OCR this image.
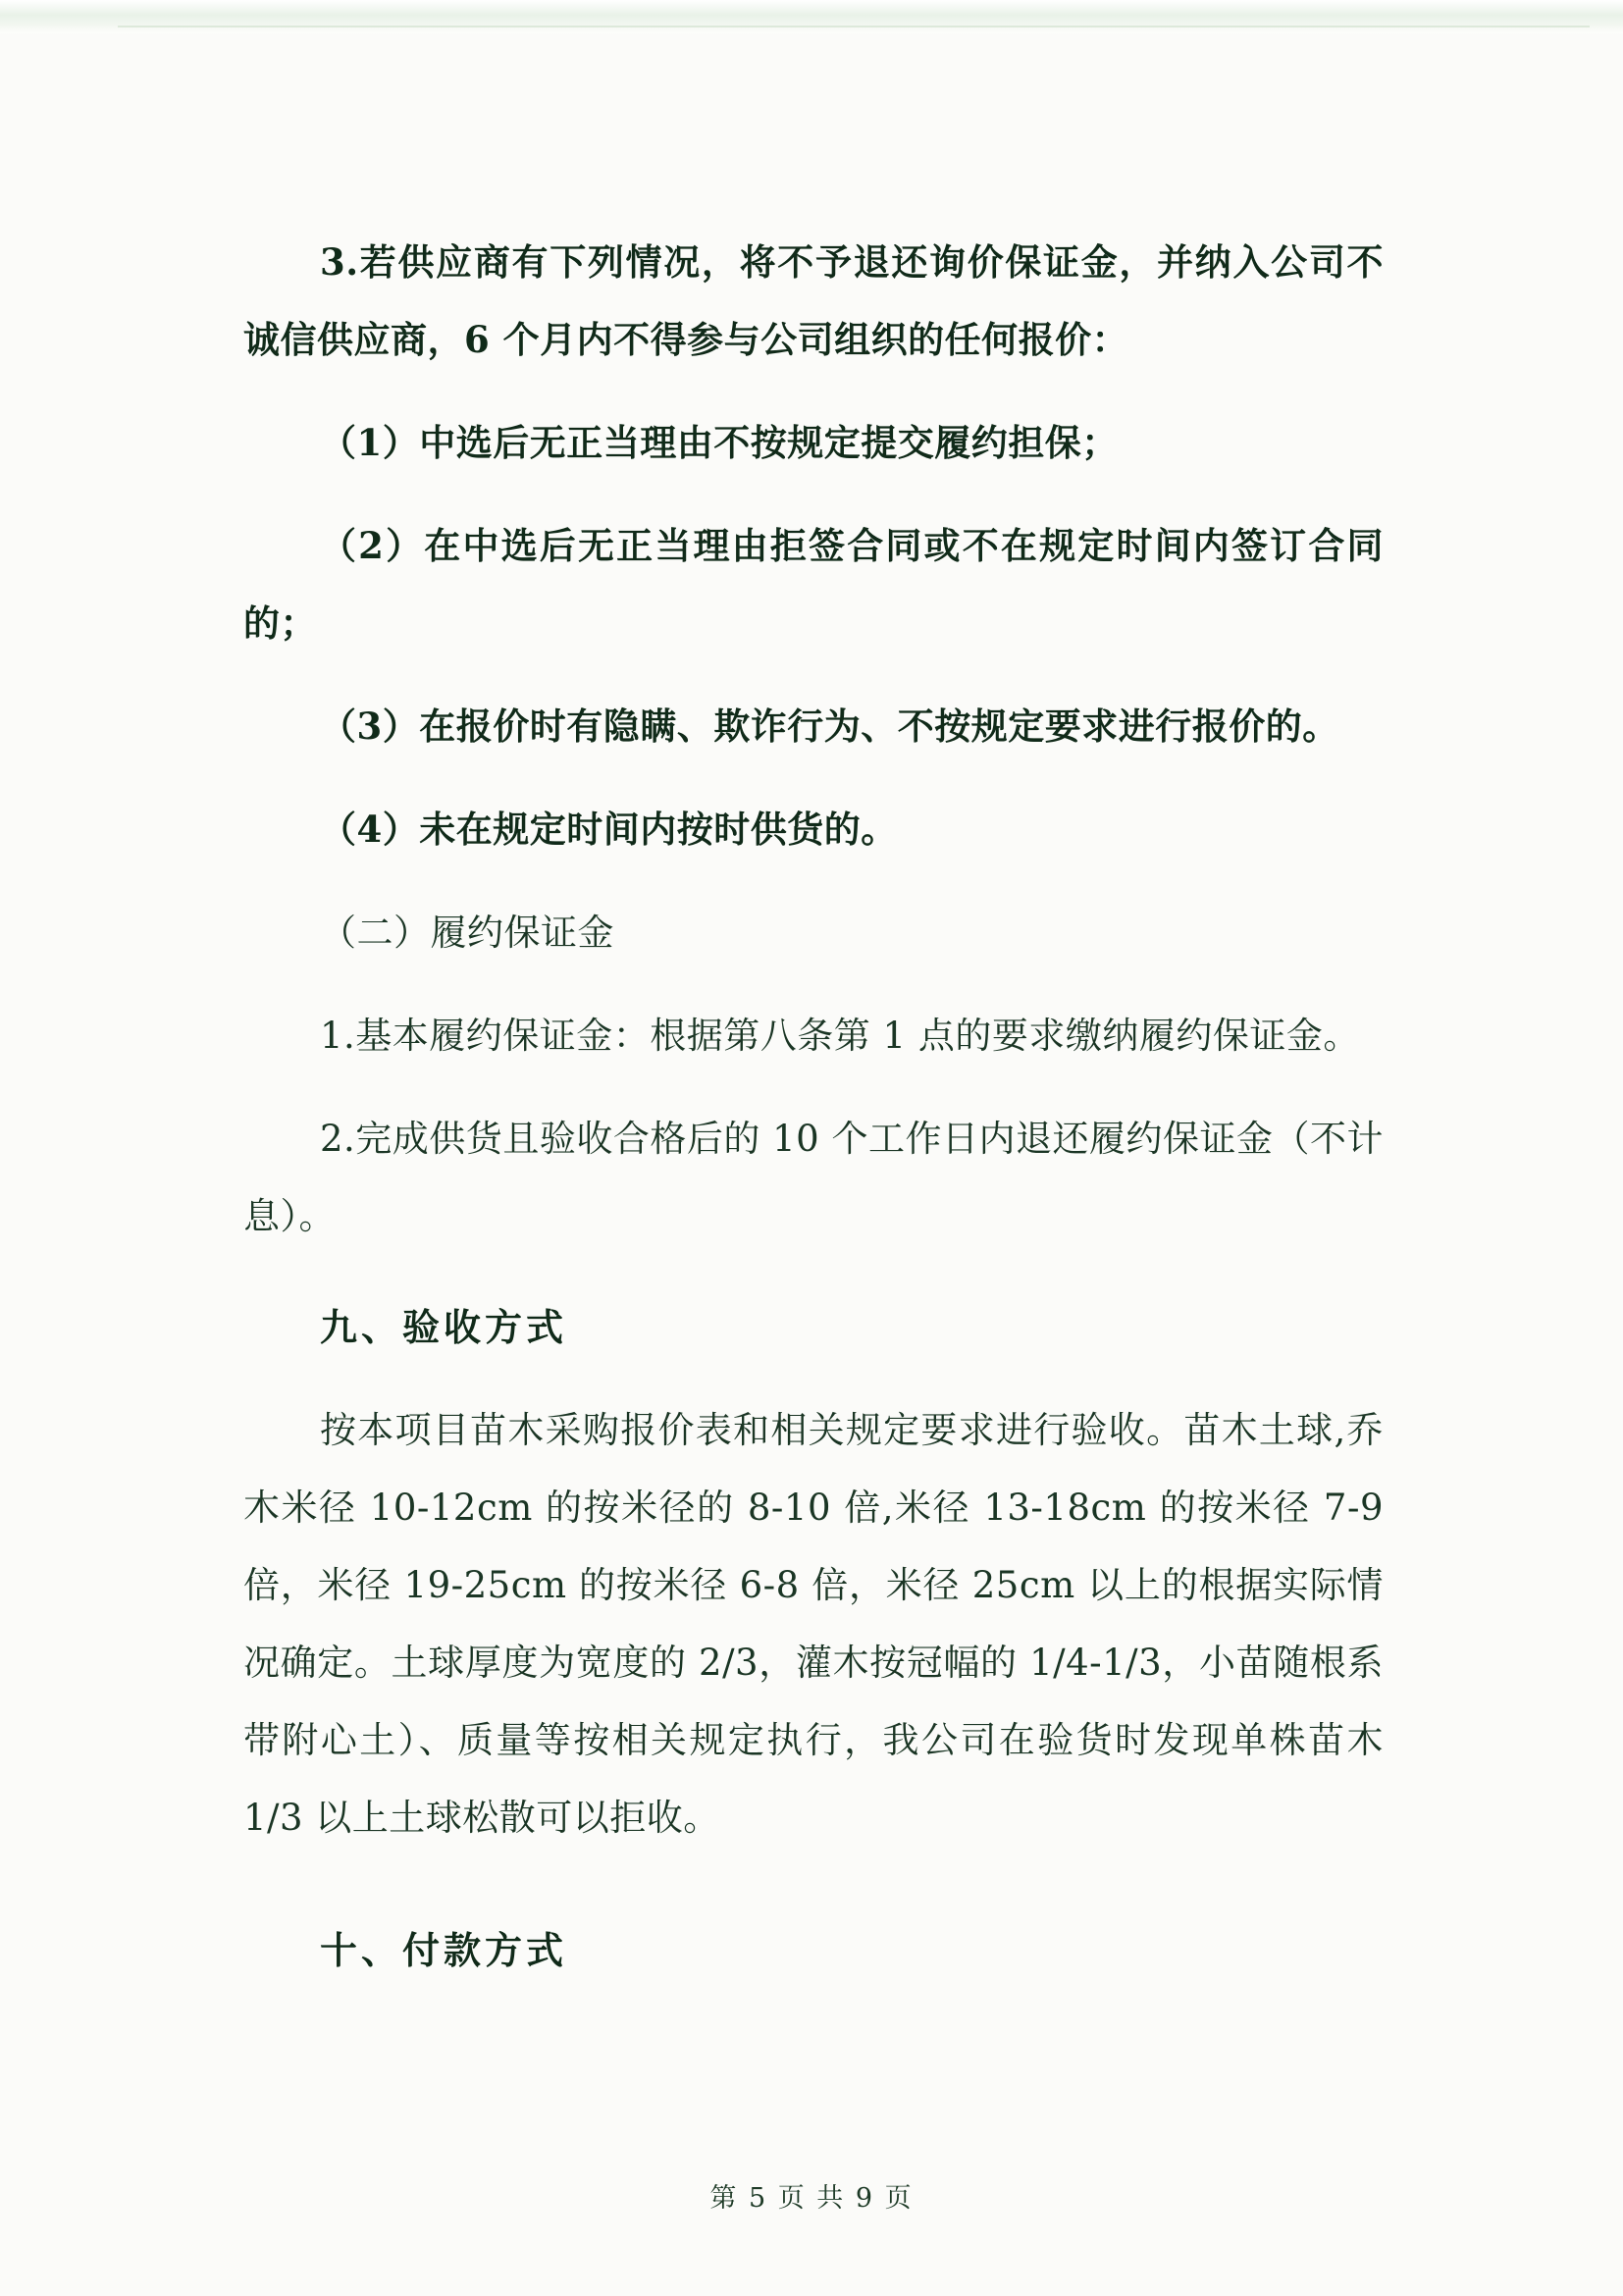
3.若供应商有下列情况，将不予退还询价保证金，并纳入公司不诚信供应商，6 个月内不得参与公司组织的任何报价：

（1）中选后无正当理由不按规定提交履约担保；

（2）在中选后无正当理由拒签合同或不在规定时间内签订合同的；

（3）在报价时有隐瞒、欺诈行为、不按规定要求进行报价的。

（4）未在规定时间内按时供货的。

（二）履约保证金

1.基本履约保证金：根据第八条第 1 点的要求缴纳履约保证金。

2.完成供货且验收合格后的 10 个工作日内退还履约保证金（不计息）。

九、验收方式

按本项目苗木采购报价表和相关规定要求进行验收。苗木土球,乔木米径 10-12cm 的按米径的 8-10 倍,米径 13-18cm 的按米径 7-9 倍，米径 19-25cm 的按米径 6-8 倍，米径 25cm 以上的根据实际情况确定。土球厚度为宽度的 2/3，灌木按冠幅的 1/4-1/3，小苗随根系带附心土）、质量等按相关规定执行，我公司在验货时发现单株苗木 1/3 以上土球松散可以拒收。

十、付款方式

第 5 页 共 9 页
